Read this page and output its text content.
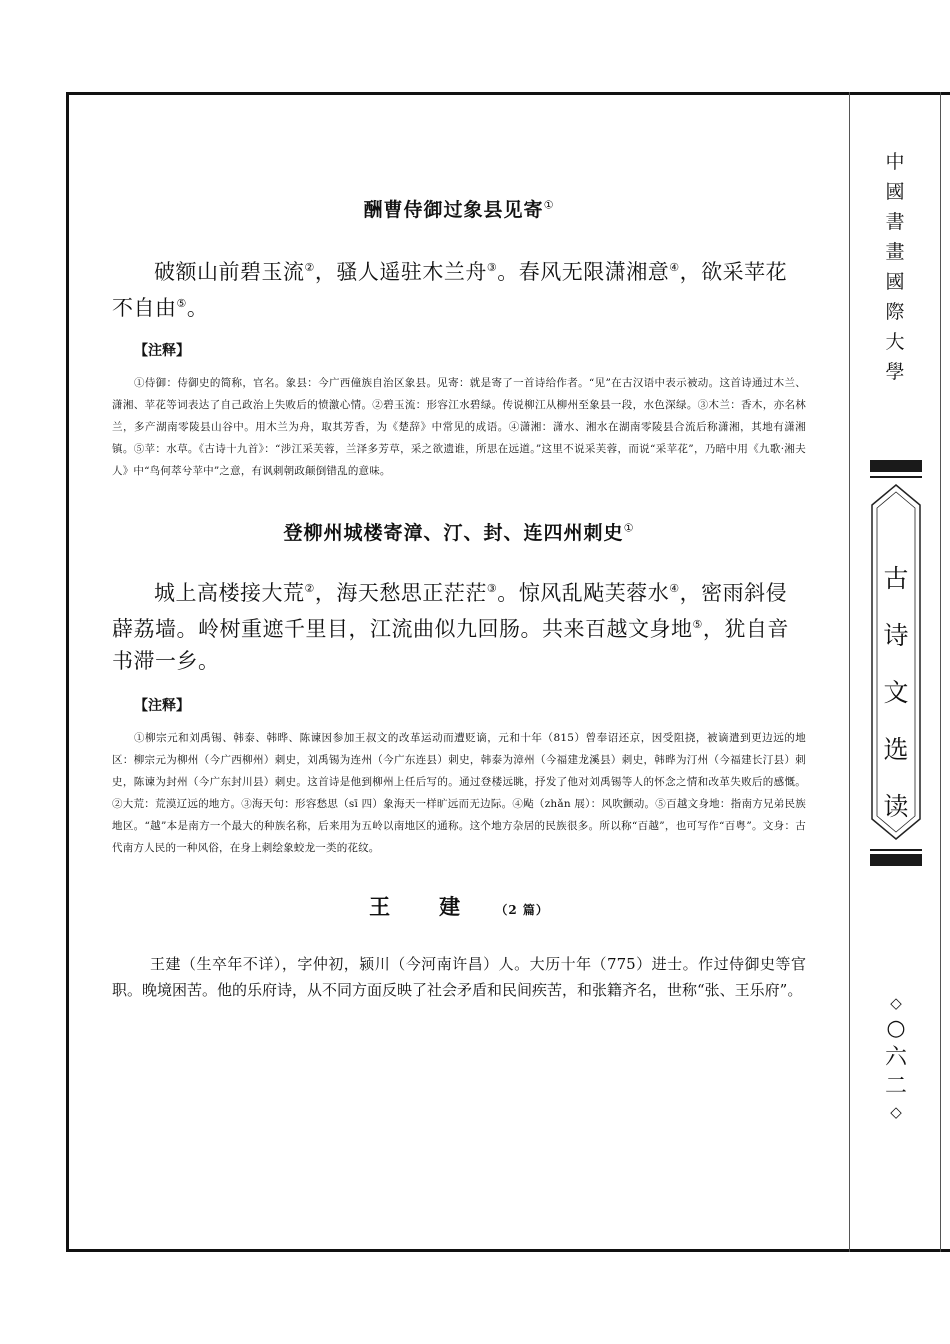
酬曹侍御过象县见寄①

破额山前碧玉流②，骚人遥驻木兰舟③。春风无限潇湘意④，欲采苹花不自由⑤。

【注释】

①侍御：侍御史的简称，官名。象县：今广西僮族自治区象县。见寄：就是寄了一首诗给作者。“见”在古汉语中表示被动。这首诗通过木兰、潇湘、苹花等词表达了自己政治上失败后的愤激心情。②碧玉流：形容江水碧绿。传说柳江从柳州至象县一段，水色深绿。③木兰：香木，亦名林兰，多产湖南零陵县山谷中。用木兰为舟，取其芳香，为《楚辞》中常见的成语。④潇湘：潇水、湘水在湖南零陵县合流后称潇湘，其地有潇湘镇。⑤苹：水草。《古诗十九首》：“涉江采芙蓉，兰泽多芳草，采之欲遗谁，所思在远道。”这里不说采芙蓉，而说“采苹花”，乃暗中用《九歌·湘夫人》中“鸟何萃兮苹中”之意，有讽刺朝政颠倒错乱的意味。

登柳州城楼寄漳、汀、封、连四州刺史①

城上高楼接大荒②，海天愁思正茫茫③。惊风乱飐芙蓉水④，密雨斜侵薜荔墙。岭树重遮千里目，江流曲似九回肠。共来百越文身地⑤，犹自音书滞一乡。

【注释】

①柳宗元和刘禹锡、韩泰、韩晔、陈谏因参加王叔文的改革运动而遭贬谪，元和十年（815）曾奉诏还京，因受阻挠，被谪遣到更边远的地区：柳宗元为柳州（今广西柳州）刺史，刘禹锡为连州（今广东连县）刺史，韩泰为漳州（今福建龙溪县）刺史，韩晔为汀州（今福建长汀县）刺史，陈谏为封州（今广东封川县）刺史。这首诗是他到柳州上任后写的。通过登楼远眺，抒发了他对刘禹锡等人的怀念之情和改革失败后的感慨。②大荒：荒漠辽远的地方。③海天句：形容愁思（sī 四）象海天一样旷远而无边际。④飐（zhǎn 展）：风吹颤动。⑤百越文身地：指南方兄弟民族地区。“越”本是南方一个最大的种族名称，后来用为五岭以南地区的通称。这个地方杂居的民族很多。所以称“百越”，也可写作“百粤”。文身：古代南方人民的一种风俗，在身上刺绘象蛟龙一类的花纹。

王　建 （2 篇）

王建（生卒年不详），字仲初，颍川（今河南许昌）人。大历十年（775）进士。作过侍御史等官职。晚境困苦。他的乐府诗，从不同方面反映了社会矛盾和民间疾苦，和张籍齐名，世称“张、王乐府”。

中
國
書
畫
國
際
大
學
古
诗
文
选
读
◇
○
六
二
◇
